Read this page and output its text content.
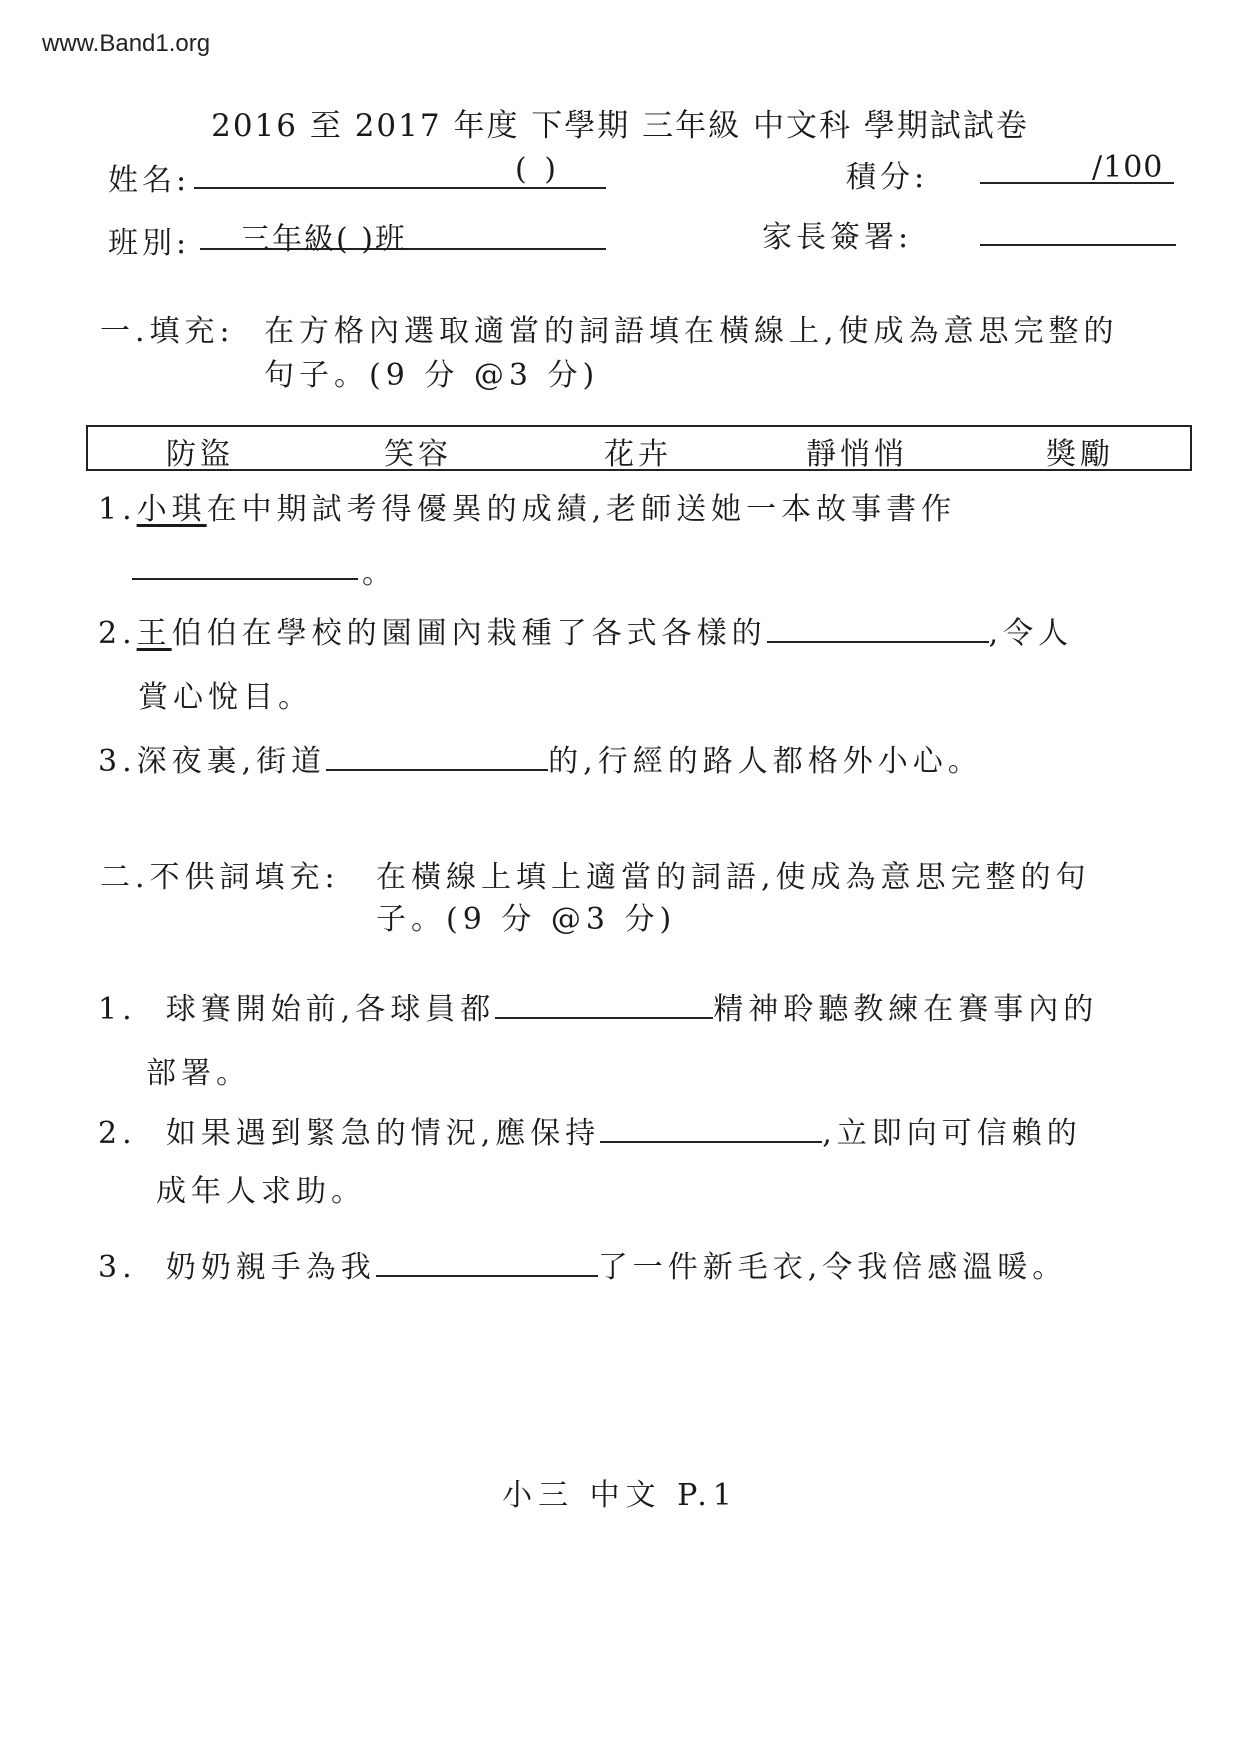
www.Band1.org
2016 至 2017 年度 下學期 三年級 中文科 學期試試卷
姓名:	( )	積分:	/100
班別: 三年級( )班	家長簽署:
一.填充: 在方格內選取適當的詞語填在橫線上,使成為意思完整的
句子。(9 分 @3 分)
防盜	笑容	花卉	靜悄悄	獎勵
1.小琪在中期試考得優異的成績,老師送她一本故事書作
。
2.王伯伯在學校的園圃內栽種了各式各樣的	,令人
賞心悅目。
3.深夜裏,街道	的,行經的路人都格外小心。
二.不供詞填充: 在橫線上填上適當的詞語,使成為意思完整的句
子。(9 分 @3 分)
1. 球賽開始前,各球員都	精神聆聽教練在賽事內的
部署。
2. 如果遇到緊急的情況,應保持	,立即向可信賴的
成年人求助。
3. 奶奶親手為我	了一件新毛衣,令我倍感溫暖。
小三 中文 P.1
